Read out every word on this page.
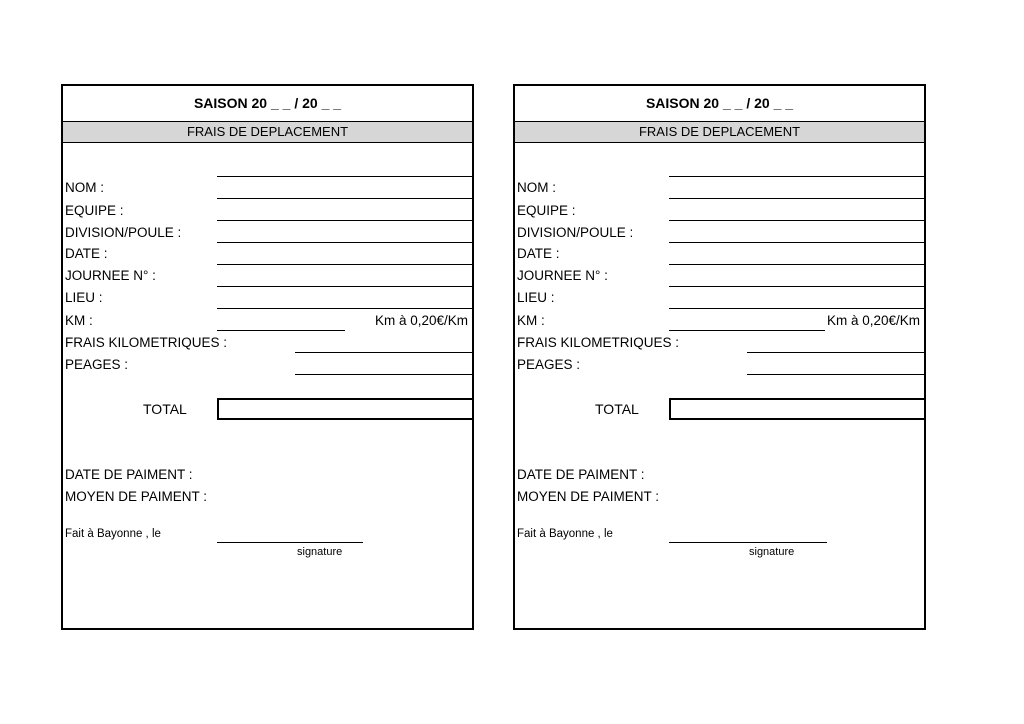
SAISON 20 _ _ / 20 _ _
FRAIS DE DEPLACEMENT
NOM :
EQUIPE :
DIVISION/POULE :
DATE :
JOURNEE N° :
LIEU :
KM :	Km à 0,20€/Km
FRAIS KILOMETRIQUES :
PEAGES :
TOTAL
DATE DE PAIMENT :
MOYEN DE PAIMENT :
Fait à Bayonne , le
signature
SAISON 20 _ _ / 20 _ _
FRAIS DE DEPLACEMENT
NOM :
EQUIPE :
DIVISION/POULE :
DATE :
JOURNEE N° :
LIEU :
KM :	Km à 0,20€/Km
FRAIS KILOMETRIQUES :
PEAGES :
TOTAL
DATE DE PAIMENT :
MOYEN DE PAIMENT :
Fait à Bayonne , le
signature
